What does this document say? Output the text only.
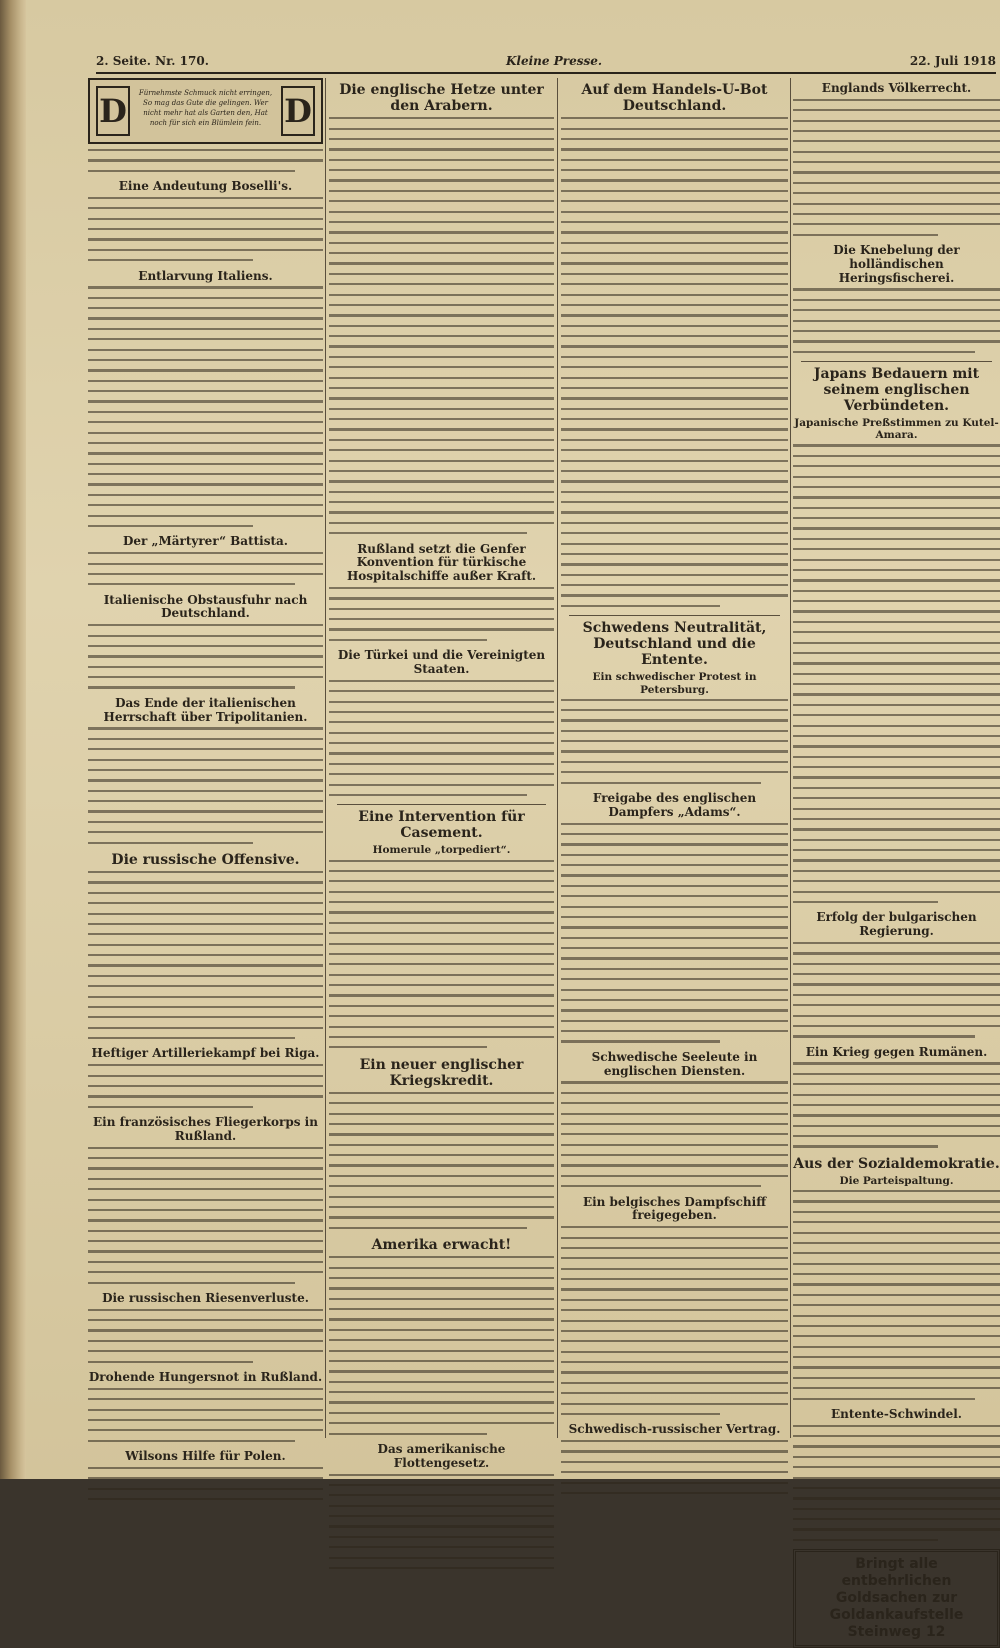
2. Seite. Nr. 170.	Kleine Presse.	22. Juli 1918
D	Fürnehmste Schmuck nicht erringen, So mag das Gute die gelingen. Wer nicht mehr hat als Garten den, Hat noch für sich ein Blümlein fein. D
Eine Andeutung Boselli's.
Entlarvung Italiens.
Der „Märtyrer“ Battista.
Italienische Obstausfuhr nach Deutschland.
Das Ende der italienischen Herrschaft über Tripolitanien.
Die russische Offensive.
Heftiger Artilleriekampf bei Riga.
Ein französisches Fliegerkorps in Rußland.
Die russischen Riesenverluste.
Drohende Hungersnot in Rußland.
Wilsons Hilfe für Polen.
Die englische Hetze unter den Arabern.
Rußland setzt die Genfer Konvention für türkische Hospitalschiffe außer Kraft.
Die Türkei und die Vereinigten Staaten.
Eine Intervention für Casement.
Homerule „torpediert“.
Ein neuer englischer Kriegskredit.
Amerika erwacht!
Das amerikanische Flottengesetz.
Auf dem Handels-U-Bot Deutschland.
Schwedens Neutralität, Deutschland und die Entente.
Ein schwedischer Protest in Petersburg.
Freigabe des englischen Dampfers „Adams“.
Schwedische Seeleute in englischen Diensten.
Ein belgisches Dampfschiff freigegeben.
Schwedisch-russischer Vertrag.
Englands Völkerrecht.
Die Knebelung der holländischen Heringsfischerei.
Japans Bedauern mit seinem englischen Verbündeten.
Japanische Preßstimmen zu Kutel-Amara.
Erfolg der bulgarischen Regierung.
Ein Krieg gegen Rumänen.
Aus der Sozialdemokratie.
Die Parteispaltung.
Entente-Schwindel.
Bringt alle entbehrlichen Goldsachen zur Goldankaufstelle Steinweg 12
